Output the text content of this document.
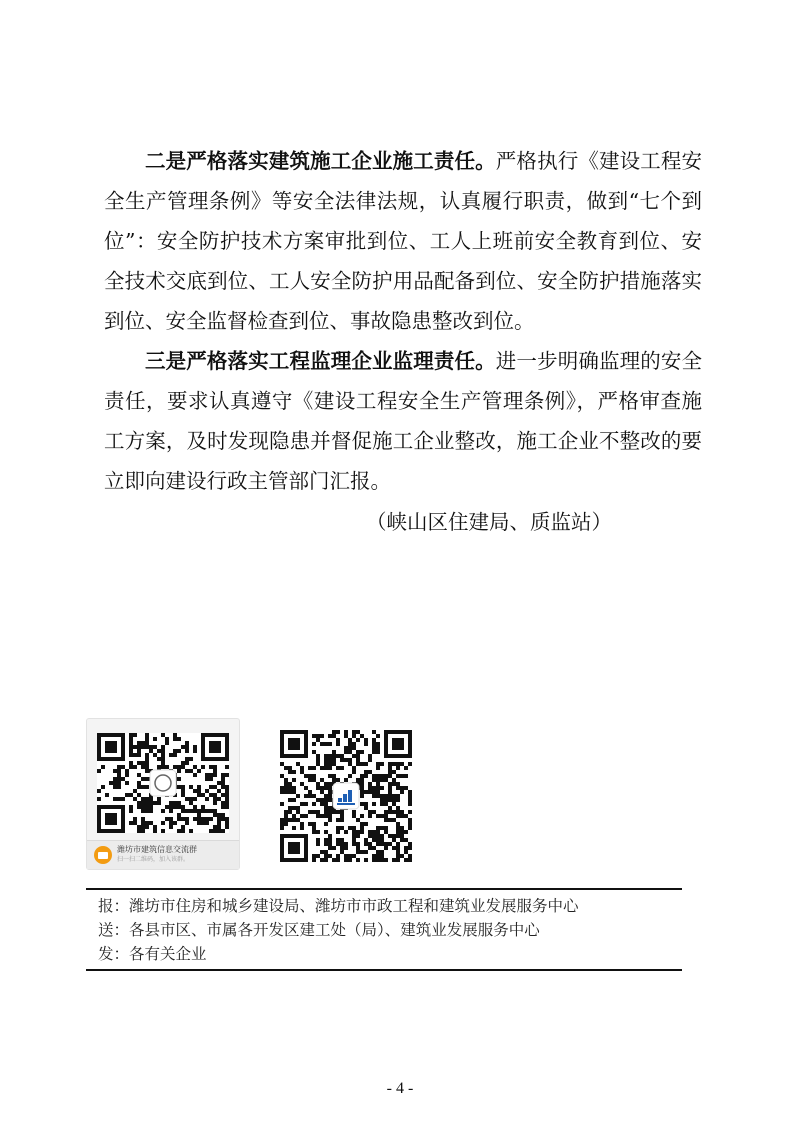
二是严格落实建筑施工企业施工责任。严格执行《建设工程安全生产管理条例》等安全法律法规，认真履行职责，做到“七个到位”：安全防护技术方案审批到位、工人上班前安全教育到位、安全技术交底到位、工人安全防护用品配备到位、安全防护措施落实到位、安全监督检查到位、事故隐患整改到位。

三是严格落实工程监理企业监理责任。进一步明确监理的安全责任，要求认真遵守《建设工程安全生产管理条例》，严格审查施工方案，及时发现隐患并督促施工企业整改，施工企业不整改的要立即向建设行政主管部门汇报。

（峡山区住建局、质监站）

潍坊市建筑信息交流群
扫一扫二维码，加入该群。
报：潍坊市住房和城乡建设局、潍坊市市政工程和建筑业发展服务中心
送：各县市区、市属各开发区建工处（局）、建筑业发展服务中心
发：各有关企业
- 4 -
